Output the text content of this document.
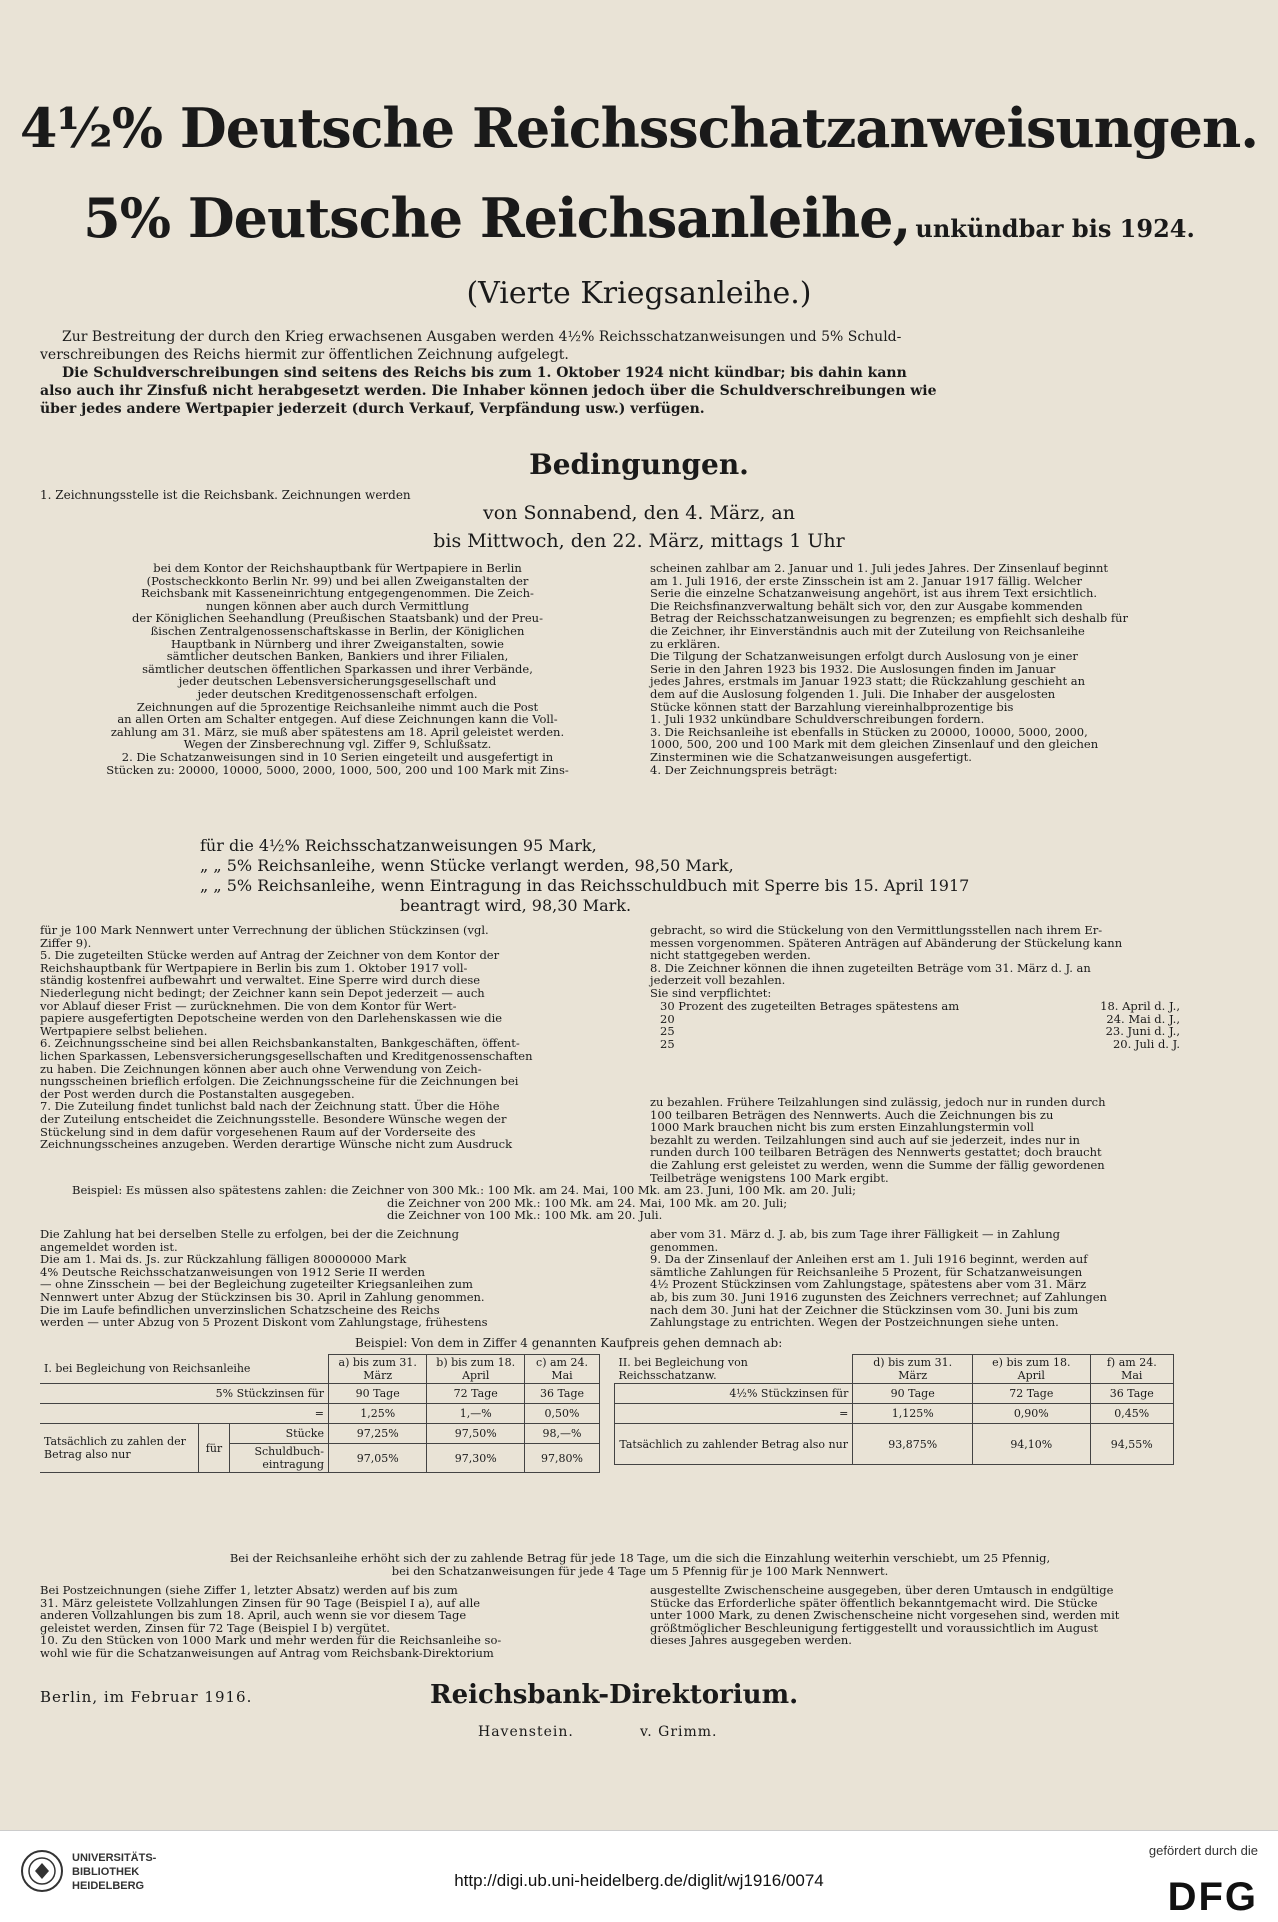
4½% Deutsche Reichsschatzanweisungen.
5% Deutsche Reichsanleihe, unkündbar bis 1924.
(Vierte Kriegsanleihe.)

Zur Bestreitung der durch den Krieg erwachsenen Ausgaben werden 4½% Reichsschatzanweisungen und 5% Schuld-

verschreibungen des Reichs hiermit zur öffentlichen Zeichnung aufgelegt.

Die Schuldverschreibungen sind seitens des Reichs bis zum 1. Oktober 1924 nicht kündbar; bis dahin kann

also auch ihr Zinsfuß nicht herabgesetzt werden. Die Inhaber können jedoch über die Schuldverschreibungen wie

über jedes andere Wertpapier jederzeit (durch Verkauf, Verpfändung usw.) verfügen.

Bedingungen.
1. Zeichnungsstelle ist die Reichsbank. Zeichnungen werden
von Sonnabend, den 4. März, an
bis Mittwoch, den 22. März, mittags 1 Uhr

bei dem Kontor der Reichshauptbank für Wertpapiere in Berlin

(Postscheckkonto Berlin Nr. 99) und bei allen Zweiganstalten der

Reichsbank mit Kasseneinrichtung entgegengenommen. Die Zeich-

nungen können aber auch durch Vermittlung

der Königlichen Seehandlung (Preußischen Staatsbank) und der Preu-

ßischen Zentralgenossenschaftskasse in Berlin, der Königlichen

Hauptbank in Nürnberg und ihrer Zweiganstalten, sowie

sämtlicher deutschen Banken, Bankiers und ihrer Filialen,

sämtlicher deutschen öffentlichen Sparkassen und ihrer Verbände,

jeder deutschen Lebensversicherungsgesellschaft und

jeder deutschen Kreditgenossenschaft erfolgen.

Zeichnungen auf die 5prozentige Reichsanleihe nimmt auch die Post

an allen Orten am Schalter entgegen. Auf diese Zeichnungen kann die Voll-

zahlung am 31. März, sie muß aber spätestens am 18. April geleistet werden.

Wegen der Zinsberechnung vgl. Ziffer 9, Schlußsatz.

2. Die Schatzanweisungen sind in 10 Serien eingeteilt und ausgefertigt in

Stücken zu: 20000, 10000, 5000, 2000, 1000, 500, 200 und 100 Mark mit Zins-

scheinen zahlbar am 2. Januar und 1. Juli jedes Jahres. Der Zinsenlauf beginnt

am 1. Juli 1916, der erste Zinsschein ist am 2. Januar 1917 fällig. Welcher

Serie die einzelne Schatzanweisung angehört, ist aus ihrem Text ersichtlich.

Die Reichsfinanzverwaltung behält sich vor, den zur Ausgabe kommenden

Betrag der Reichsschatzanweisungen zu begrenzen; es empfiehlt sich deshalb für

die Zeichner, ihr Einverständnis auch mit der Zuteilung von Reichsanleihe

zu erklären.

Die Tilgung der Schatzanweisungen erfolgt durch Auslosung von je einer

Serie in den Jahren 1923 bis 1932. Die Auslosungen finden im Januar

jedes Jahres, erstmals im Januar 1923 statt; die Rückzahlung geschieht an

dem auf die Auslosung folgenden 1. Juli. Die Inhaber der ausgelosten

Stücke können statt der Barzahlung viereinhalbprozentige bis

1. Juli 1932 unkündbare Schuldverschreibungen fordern.

3. Die Reichsanleihe ist ebenfalls in Stücken zu 20000, 10000, 5000, 2000,

1000, 500, 200 und 100 Mark mit dem gleichen Zinsenlauf und den gleichen

Zinsterminen wie die Schatzanweisungen ausgefertigt.

4. Der Zeichnungspreis beträgt:

für die 4½% Reichsschatzanweisungen 95 Mark,

„ „ 5% Reichsanleihe, wenn Stücke verlangt werden, 98,50 Mark,

„ „ 5% Reichsanleihe, wenn Eintragung in das Reichsschuldbuch mit Sperre bis 15. April 1917

beantragt wird, 98,30 Mark.

für je 100 Mark Nennwert unter Verrechnung der üblichen Stückzinsen (vgl.

Ziffer 9).

5. Die zugeteilten Stücke werden auf Antrag der Zeichner von dem Kontor der

Reichshauptbank für Wertpapiere in Berlin bis zum 1. Oktober 1917 voll-

ständig kostenfrei aufbewahrt und verwaltet. Eine Sperre wird durch diese

Niederlegung nicht bedingt; der Zeichner kann sein Depot jederzeit — auch

vor Ablauf dieser Frist — zurücknehmen. Die von dem Kontor für Wert-

papiere ausgefertigten Depotscheine werden von den Darlehenskassen wie die

Wertpapiere selbst beliehen.

6. Zeichnungsscheine sind bei allen Reichsbankanstalten, Bankgeschäften, öffent-

lichen Sparkassen, Lebensversicherungsgesellschaften und Kreditgenossenschaften

zu haben. Die Zeichnungen können aber auch ohne Verwendung von Zeich-

nungsscheinen brieflich erfolgen. Die Zeichnungsscheine für die Zeichnungen bei

der Post werden durch die Postanstalten ausgegeben.

7. Die Zuteilung findet tunlichst bald nach der Zeichnung statt. Über die Höhe

der Zuteilung entscheidet die Zeichnungsstelle. Besondere Wünsche wegen der

Stückelung sind in dem dafür vorgesehenen Raum auf der Vorderseite des

Zeichnungsscheines anzugeben. Werden derartige Wünsche nicht zum Ausdruck

gebracht, so wird die Stückelung von den Vermittlungsstellen nach ihrem Er-

messen vorgenommen. Späteren Anträgen auf Abänderung der Stückelung kann

nicht stattgegeben werden.

8. Die Zeichner können die ihnen zugeteilten Beträge vom 31. März d. J. an

jederzeit voll bezahlen.

Sie sind verpflichtet:

30 Prozent des zugeteilten Betrages spätestens am	18. April d. J.,
20	24. Mai d. J.,
25	23. Juni d. J.,
25	20. Juli d. J.

zu bezahlen. Frühere Teilzahlungen sind zulässig, jedoch nur in runden durch

100 teilbaren Beträgen des Nennwerts. Auch die Zeichnungen bis zu

1000 Mark brauchen nicht bis zum ersten Einzahlungstermin voll

bezahlt zu werden. Teilzahlungen sind auch auf sie jederzeit, indes nur in

runden durch 100 teilbaren Beträgen des Nennwerts gestattet; doch braucht

die Zahlung erst geleistet zu werden, wenn die Summe der fällig gewordenen

Teilbeträge wenigstens 100 Mark ergibt.

Beispiel: Es müssen also spätestens zahlen: die Zeichner von 300 Mk.: 100 Mk. am 24. Mai, 100 Mk. am 23. Juni, 100 Mk. am 20. Juli;

die Zeichner von 200 Mk.: 100 Mk. am 24. Mai, 100 Mk. am 20. Juli;

die Zeichner von 100 Mk.: 100 Mk. am 20. Juli.

Die Zahlung hat bei derselben Stelle zu erfolgen, bei der die Zeichnung

angemeldet worden ist.

Die am 1. Mai ds. Js. zur Rückzahlung fälligen 80000000 Mark

4% Deutsche Reichsschatzanweisungen von 1912 Serie II werden

— ohne Zinsschein — bei der Begleichung zugeteilter Kriegsanleihen zum

Nennwert unter Abzug der Stückzinsen bis 30. April in Zahlung genommen.

Die im Laufe befindlichen unverzinslichen Schatzscheine des Reichs

werden — unter Abzug von 5 Prozent Diskont vom Zahlungstage, frühestens

aber vom 31. März d. J. ab, bis zum Tage ihrer Fälligkeit — in Zahlung

genommen.

9. Da der Zinsenlauf der Anleihen erst am 1. Juli 1916 beginnt, werden auf

sämtliche Zahlungen für Reichsanleihe 5 Prozent, für Schatzanweisungen

4½ Prozent Stückzinsen vom Zahlungstage, spätestens aber vom 31. März

ab, bis zum 30. Juni 1916 zugunsten des Zeichners verrechnet; auf Zahlungen

nach dem 30. Juni hat der Zeichner die Stückzinsen vom 30. Juni bis zum

Zahlungstage zu entrichten. Wegen der Postzeichnungen siehe unten.

Beispiel: Von dem in Ziffer 4 genannten Kaufpreis gehen demnach ab:
I. bei Begleichung von Reichsanleihe			a) bis zum 31. März	b) bis zum 18. April	c) am 24. Mai
5% Stückzinsen für			90 Tage	72 Tage	36 Tage
=			1,25%	1,—%	0,50%
Tatsächlich zu zahlen der Betrag also nur	für	Stücke	97,25%	97,50%	98,—%
		Schuldbuch-eintragung	97,05%	97,30%	97,80%
II. bei Begleichung von Reichsschatzanw.	d) bis zum 31. März	e) bis zum 18. April	f) am 24. Mai
4½% Stückzinsen für	90 Tage	72 Tage	36 Tage
=	1,125%	0,90%	0,45%
Tatsächlich zu zahlender Betrag also nur	93,875%	94,10%	94,55%

Bei der Reichsanleihe erhöht sich der zu zahlende Betrag für jede 18 Tage, um die sich die Einzahlung weiterhin verschiebt, um 25 Pfennig,

bei den Schatzanweisungen für jede 4 Tage um 5 Pfennig für je 100 Mark Nennwert.

Bei Postzeichnungen (siehe Ziffer 1, letzter Absatz) werden auf bis zum

31. März geleistete Vollzahlungen Zinsen für 90 Tage (Beispiel I a), auf alle

anderen Vollzahlungen bis zum 18. April, auch wenn sie vor diesem Tage

geleistet werden, Zinsen für 72 Tage (Beispiel I b) vergütet.

10. Zu den Stücken von 1000 Mark und mehr werden für die Reichsanleihe so-

wohl wie für die Schatzanweisungen auf Antrag vom Reichsbank-Direktorium

ausgestellte Zwischenscheine ausgegeben, über deren Umtausch in endgültige

Stücke das Erforderliche später öffentlich bekanntgemacht wird. Die Stücke

unter 1000 Mark, zu denen Zwischenscheine nicht vorgesehen sind, werden mit

größtmöglicher Beschleunigung fertiggestellt und voraussichtlich im August

dieses Jahres ausgegeben werden.

Berlin, im Februar 1916.	Reichsbank-Direktorium.
Havenstein.	v. Grimm.
UNIVERSITÄTS-
BIBLIOTHEK
HEIDELBERG	http://digi.ub.uni-heidelberg.de/diglit/wj1916/0074
gefördert durch die
DFG
